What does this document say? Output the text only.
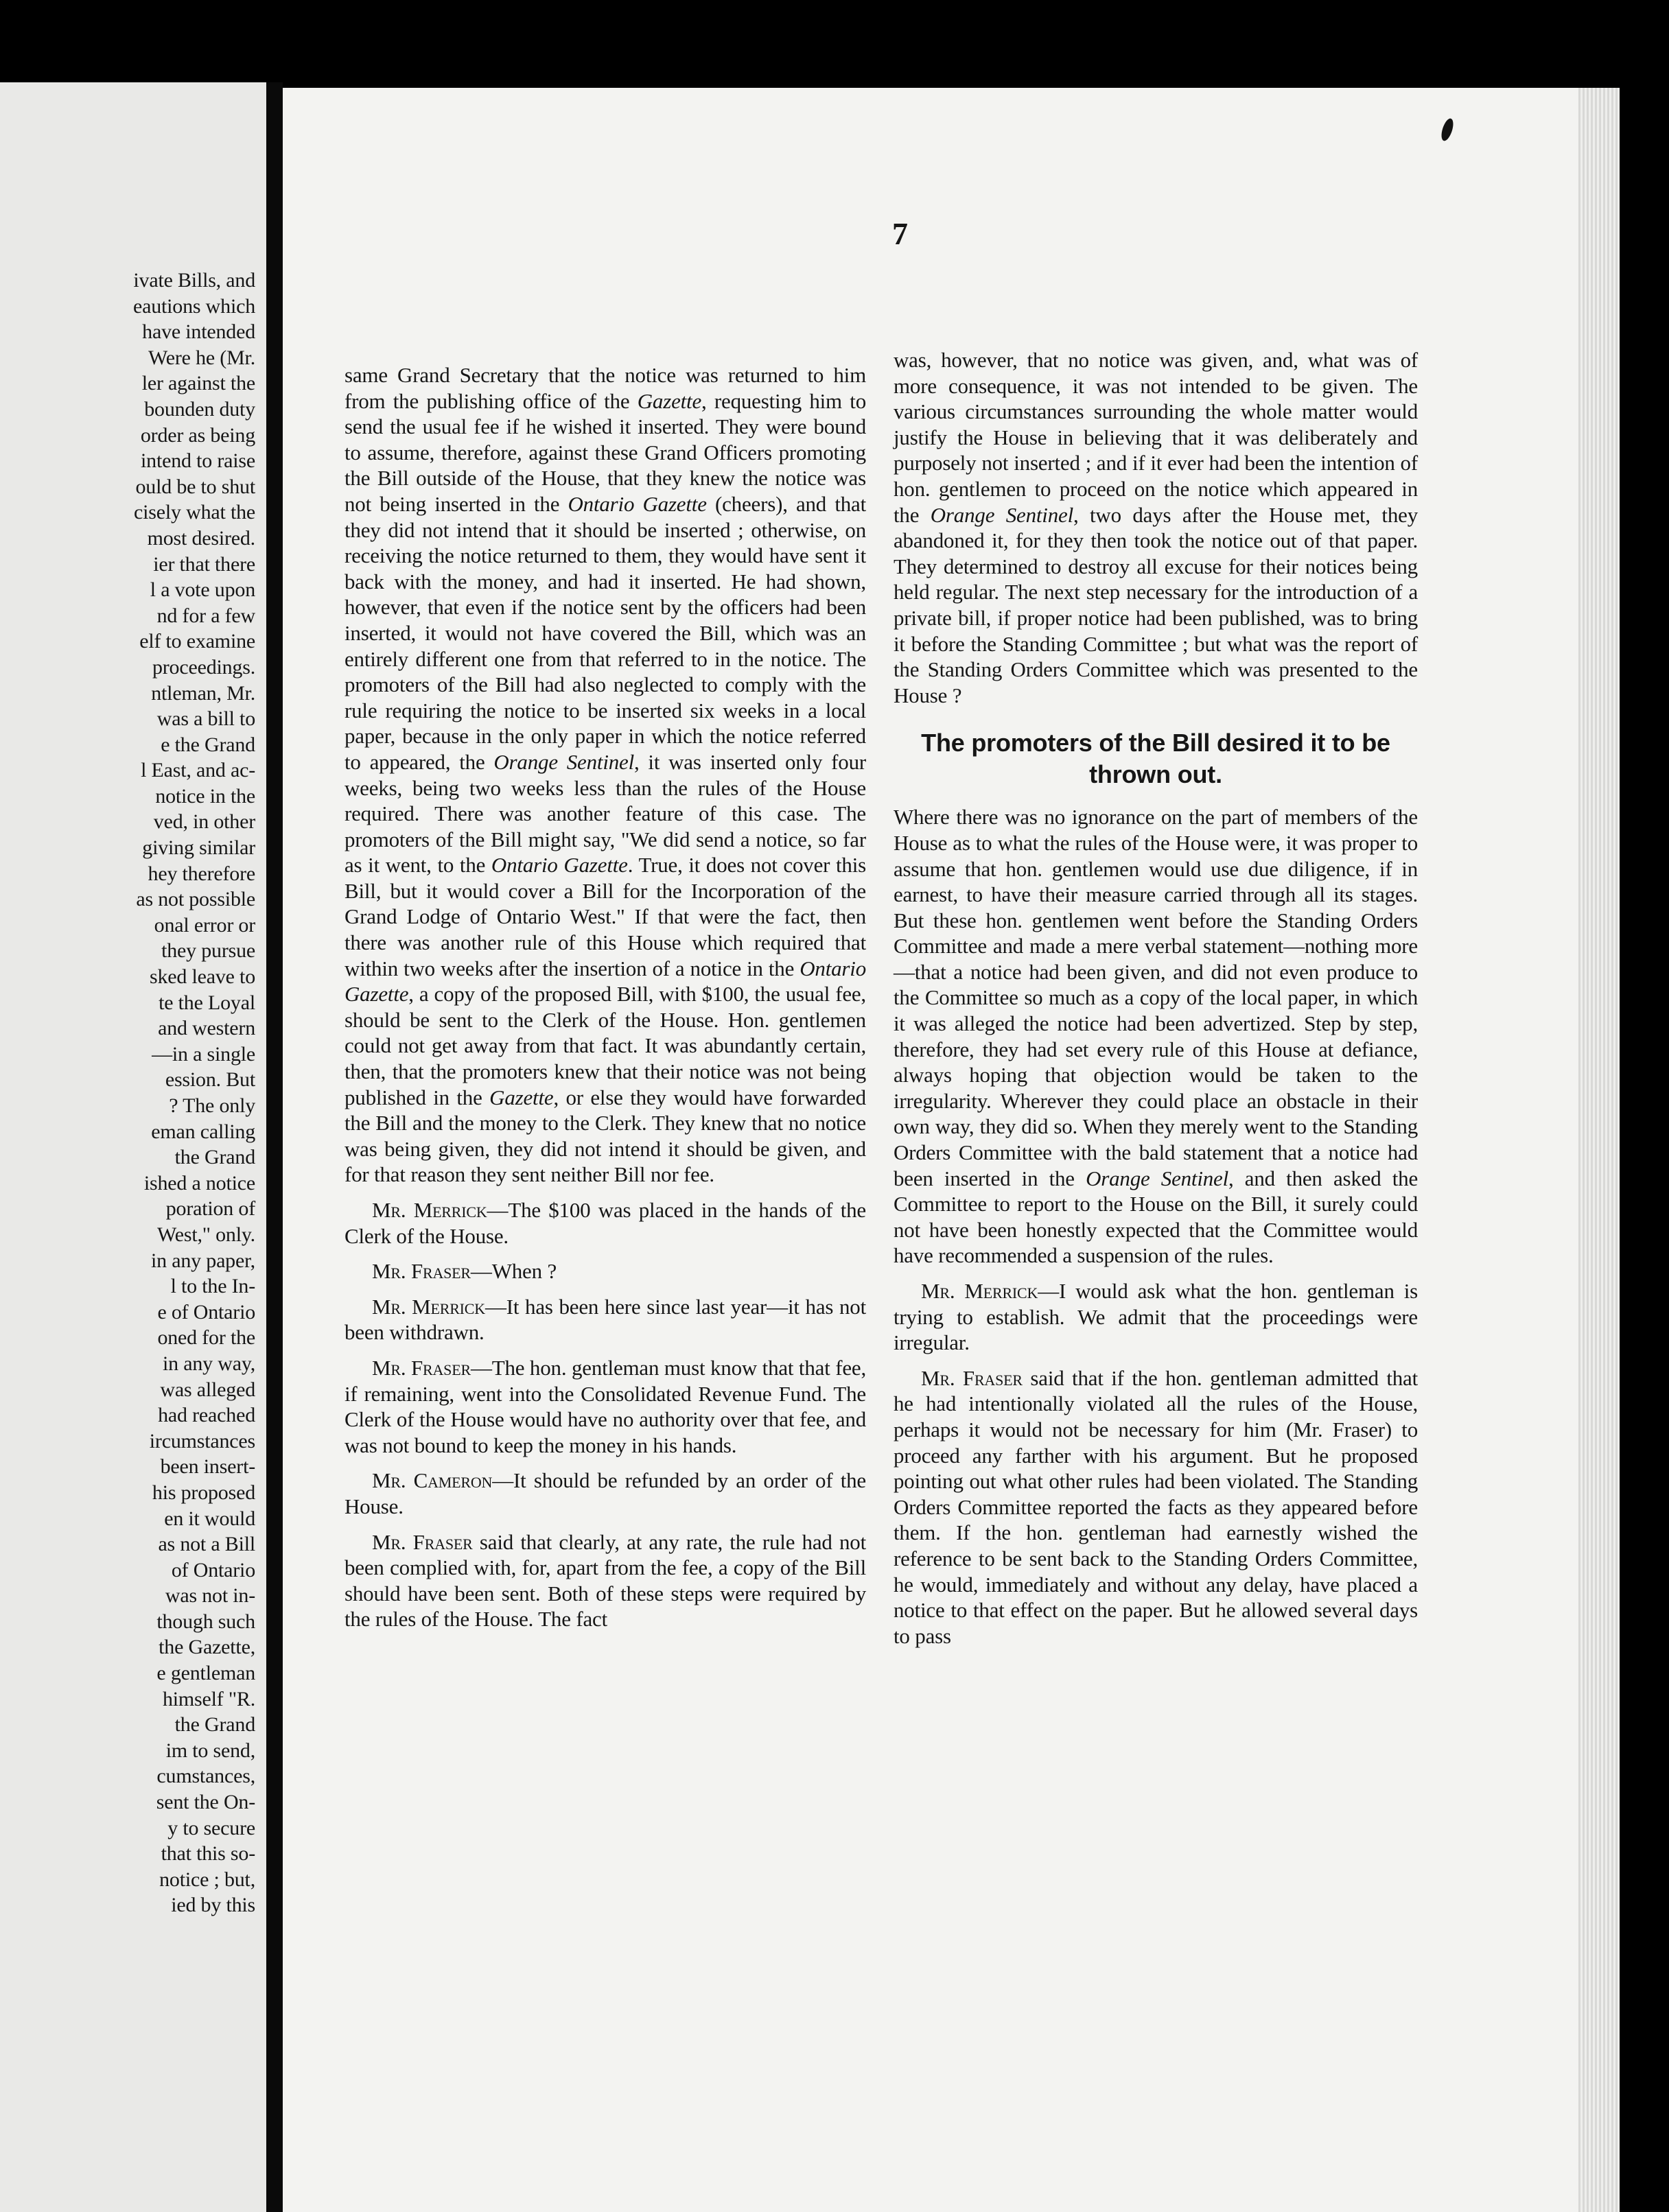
ivate Bills, and
eautions which
have intended
Were he (Mr.
ler against the
bounden duty
order as being
intend to raise
ould be to shut
cisely what the
most desired.
ier that there
l a vote upon
nd for a few
elf to examine
proceedings.
ntleman, Mr.
was a bill to
e the Grand
l East, and ac-
notice in the
ved, in other
giving similar
hey therefore
as not possible
onal error or
they pursue
sked leave to
te the Loyal
and western
—in a single
ession. But
? The only
eman calling
the Grand
ished a notice
poration of
West," only.
in any paper,
l to the In-
e of Ontario
oned for the
in any way,
was alleged
had reached
ircumstances
been insert-
his proposed
en it would
as not a Bill
of Ontario
was not in-
though such
the Gazette,
e gentleman
himself "R.
the Grand
im to send,
cumstances,
sent the On-
y to secure
that this so-
notice ; but,
ied by this
7

same Grand Secretary that the notice was returned to him from the publishing office of the Gazette, requesting him to send the usual fee if he wished it inserted. They were bound to assume, therefore, against these Grand Officers promoting the Bill outside of the House, that they knew the notice was not being inserted in the Ontario Gazette (cheers), and that they did not intend that it should be inserted ; otherwise, on receiving the notice returned to them, they would have sent it back with the money, and had it inserted. He had shown, however, that even if the notice sent by the officers had been inserted, it would not have covered the Bill, which was an entirely different one from that referred to in the notice. The promoters of the Bill had also neglected to comply with the rule requiring the notice to be inserted six weeks in a local paper, because in the only paper in which the notice referred to appeared, the Orange Sentinel, it was inserted only four weeks, being two weeks less than the rules of the House required. There was another feature of this case. The promoters of the Bill might say, "We did send a notice, so far as it went, to the Ontario Gazette. True, it does not cover this Bill, but it would cover a Bill for the Incorporation of the Grand Lodge of Ontario West." If that were the fact, then there was another rule of this House which required that within two weeks after the insertion of a notice in the Ontario Gazette, a copy of the proposed Bill, with $100, the usual fee, should be sent to the Clerk of the House. Hon. gentlemen could not get away from that fact. It was abundantly certain, then, that the promoters knew that their notice was not being published in the Gazette, or else they would have forwarded the Bill and the money to the Clerk. They knew that no notice was being given, they did not intend it should be given, and for that reason they sent neither Bill nor fee.

Mr. Merrick—The $100 was placed in the hands of the Clerk of the House.

Mr. Fraser—When ?

Mr. Merrick—It has been here since last year—it has not been withdrawn.

Mr. Fraser—The hon. gentleman must know that that fee, if remaining, went into the Consolidated Revenue Fund. The Clerk of the House would have no authority over that fee, and was not bound to keep the money in his hands.

Mr. Cameron—It should be refunded by an order of the House.

Mr. Fraser said that clearly, at any rate, the rule had not been complied with, for, apart from the fee, a copy of the Bill should have been sent. Both of these steps were required by the rules of the House. The fact

was, however, that no notice was given, and, what was of more consequence, it was not intended to be given. The various circumstances surrounding the whole matter would justify the House in believing that it was deliberately and purposely not inserted ; and if it ever had been the intention of hon. gentlemen to proceed on the notice which appeared in the Orange Sentinel, two days after the House met, they abandoned it, for they then took the notice out of that paper. They determined to destroy all excuse for their notices being held regular. The next step necessary for the introduction of a private bill, if proper notice had been published, was to bring it before the Standing Committee ; but what was the report of the Standing Orders Committee which was presented to the House ?

The promoters of the Bill desired it to be thrown out.

Where there was no ignorance on the part of members of the House as to what the rules of the House were, it was proper to assume that hon. gentlemen would use due diligence, if in earnest, to have their measure carried through all its stages. But these hon. gentlemen went before the Standing Orders Committee and made a mere verbal statement—nothing more—that a notice had been given, and did not even produce to the Committee so much as a copy of the local paper, in which it was alleged the notice had been advertized. Step by step, therefore, they had set every rule of this House at defiance, always hoping that objection would be taken to the irregularity. Wherever they could place an obstacle in their own way, they did so. When they merely went to the Standing Orders Committee with the bald statement that a notice had been inserted in the Orange Sentinel, and then asked the Committee to report to the House on the Bill, it surely could not have been honestly expected that the Committee would have recommended a suspension of the rules.

Mr. Merrick—I would ask what the hon. gentleman is trying to establish. We admit that the proceedings were irregular.

Mr. Fraser said that if the hon. gentleman admitted that he had intentionally violated all the rules of the House, perhaps it would not be necessary for him (Mr. Fraser) to proceed any farther with his argument. But he proposed pointing out what other rules had been violated. The Standing Orders Committee reported the facts as they appeared before them. If the hon. gentleman had earnestly wished the reference to be sent back to the Standing Orders Committee, he would, immediately and without any delay, have placed a notice to that effect on the paper. But he allowed several days to pass
